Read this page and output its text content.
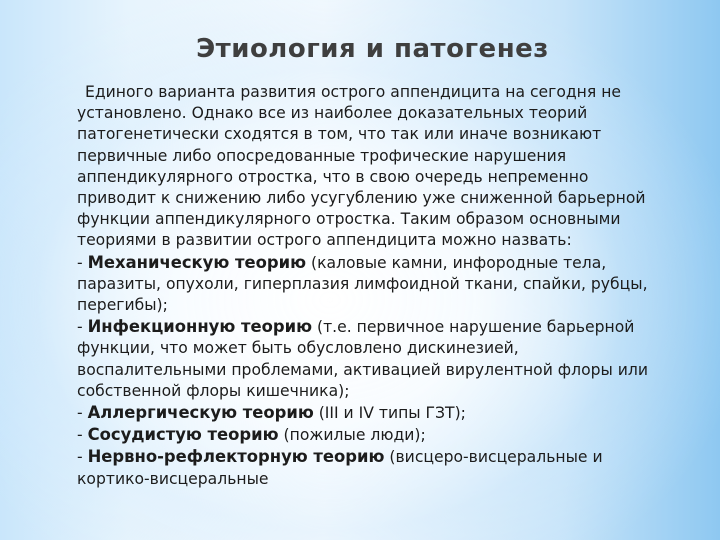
Этиология и патогенез

Единого варианта развития острого аппендицита на сегодня не установлено. Однако все из наиболее доказательных теорий патогенетически сходятся в том, что так или иначе возникают первичные либо опосредованные трофические нарушения аппендикулярного отростка, что в свою очередь непременно приводит к снижению либо усугублению уже сниженной барьерной функции аппендикулярного отростка. Таким образом основными теориями в развитии острого аппендицита можно назвать:

- Механическую теорию (каловые камни, инфородные тела, паразиты, опухоли, гиперплазия лимфоидной ткани, спайки, рубцы, перегибы);

- Инфекционную теорию (т.е. первичное нарушение барьерной функции, что может быть обусловлено дискинезией, воспалительными проблемами, активацией вирулентной флоры или собственной флоры кишечника);

- Аллергическую теорию (III и IV типы ГЗТ);

- Сосудистую теорию (пожилые люди);

- Нервно-рефлекторную теорию (висцеро-висцеральные и кортико-висцеральные
